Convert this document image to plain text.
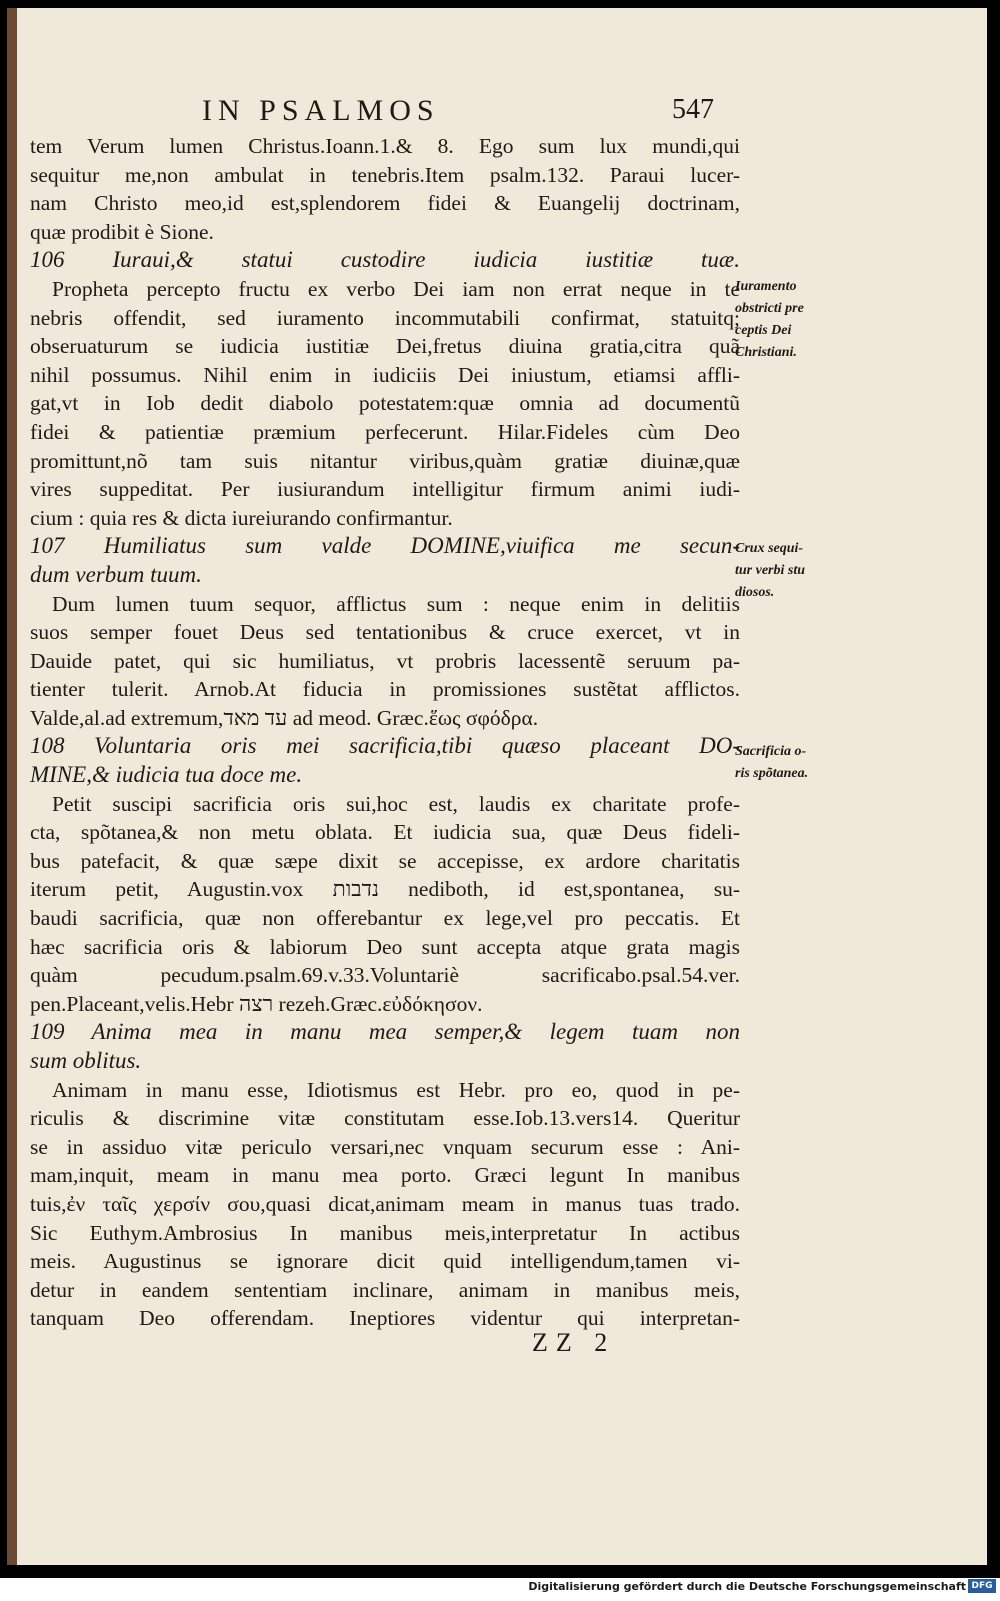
IN PSALMOS	547
tem Verum lumen Christus.Ioann.1.& 8. Ego sum lux mundi,qui
sequitur me,non ambulat in tenebris.Item psalm.132. Paraui lucer-
nam Christo meo,id est,splendorem fidei & Euangelij doctrinam,
quæ prodibit è Sione.
106 Iuraui,& statui custodire iudicia iustitiæ tuæ.
Propheta percepto fructu ex verbo Dei iam non errat neque in te
nebris offendit, sed iuramento incommutabili confirmat, statuitq;
obseruaturum se iudicia iustitiæ Dei,fretus diuina gratia,citra quã
nihil possumus. Nihil enim in iudiciis Dei iniustum, etiamsi affli-
gat,vt in Iob dedit diabolo potestatem:quæ omnia ad documentũ
fidei & patientiæ præmium perfecerunt. Hilar.Fideles cùm Deo
promittunt,nõ tam suis nitantur viribus,quàm gratiæ diuinæ,quæ
vires suppeditat. Per iusiurandum intelligitur firmum animi iudi-
cium : quia res & dicta iureiurando confirmantur.
107 Humiliatus sum valde DOMINE,viuifica me secun-
dum verbum tuum.
Dum lumen tuum sequor, afflictus sum : neque enim in delitiis
suos semper fouet Deus sed tentationibus & cruce exercet, vt in
Dauide patet, qui sic humiliatus, vt probris lacessentẽ seruum pa-
tienter tulerit. Arnob.At fiducia in promissiones sustẽtat afflictos.
Valde,al.ad extremum,עד מאד ad meod. Græc.ἕως σφόδρα.
108 Voluntaria oris mei sacrificia,tibi quæso placeant DO-
MINE,& iudicia tua doce me.
Petit suscipi sacrificia oris sui,hoc est, laudis ex charitate profe-
cta, spõtanea,& non metu oblata. Et iudicia sua, quæ Deus fideli-
bus patefacit, & quæ sæpe dixit se accepisse, ex ardore charitatis
iterum petit, Augustin.vox נדבות nediboth, id est,spontanea, su-
baudi sacrificia, quæ non offerebantur ex lege,vel pro peccatis. Et
hæc sacrificia oris & labiorum Deo sunt accepta atque grata magis
quàm pecudum.psalm.69.v.33.Voluntariè sacrificabo.psal.54.ver.
pen.Placeant,velis.Hebr רצה rezeh.Græc.εὐδόκησον.
109 Anima mea in manu mea semper,& legem tuam non
sum oblitus.
Animam in manu esse, Idiotismus est Hebr. pro eo, quod in pe-
riculis & discrimine vitæ constitutam esse.Iob.13.vers14. Queritur
se in assiduo vitæ periculo versari,nec vnquam securum esse : Ani-
mam,inquit, meam in manu mea porto. Græci legunt In manibus
tuis,ἐν ταῖς χερσίν σου,quasi dicat,animam meam in manus tuas trado.
Sic Euthym.Ambrosius In manibus meis,interpretatur In actibus
meis. Augustinus se ignorare dicit quid intelligendum,tamen vi-
detur in eandem sententiam inclinare, animam in manibus meis,
tanquam Deo offerendam. Ineptiores videntur qui interpretan-
Iuramento
obstricti pre
ceptis Dei
Christiani.
Crux sequi-
tur verbi stu
diosos.
Sacrificia o-
ris spõtanea.
ZZ 2
Digitalisierung gefördert durch die Deutsche Forschungsgemeinschaft DFG
